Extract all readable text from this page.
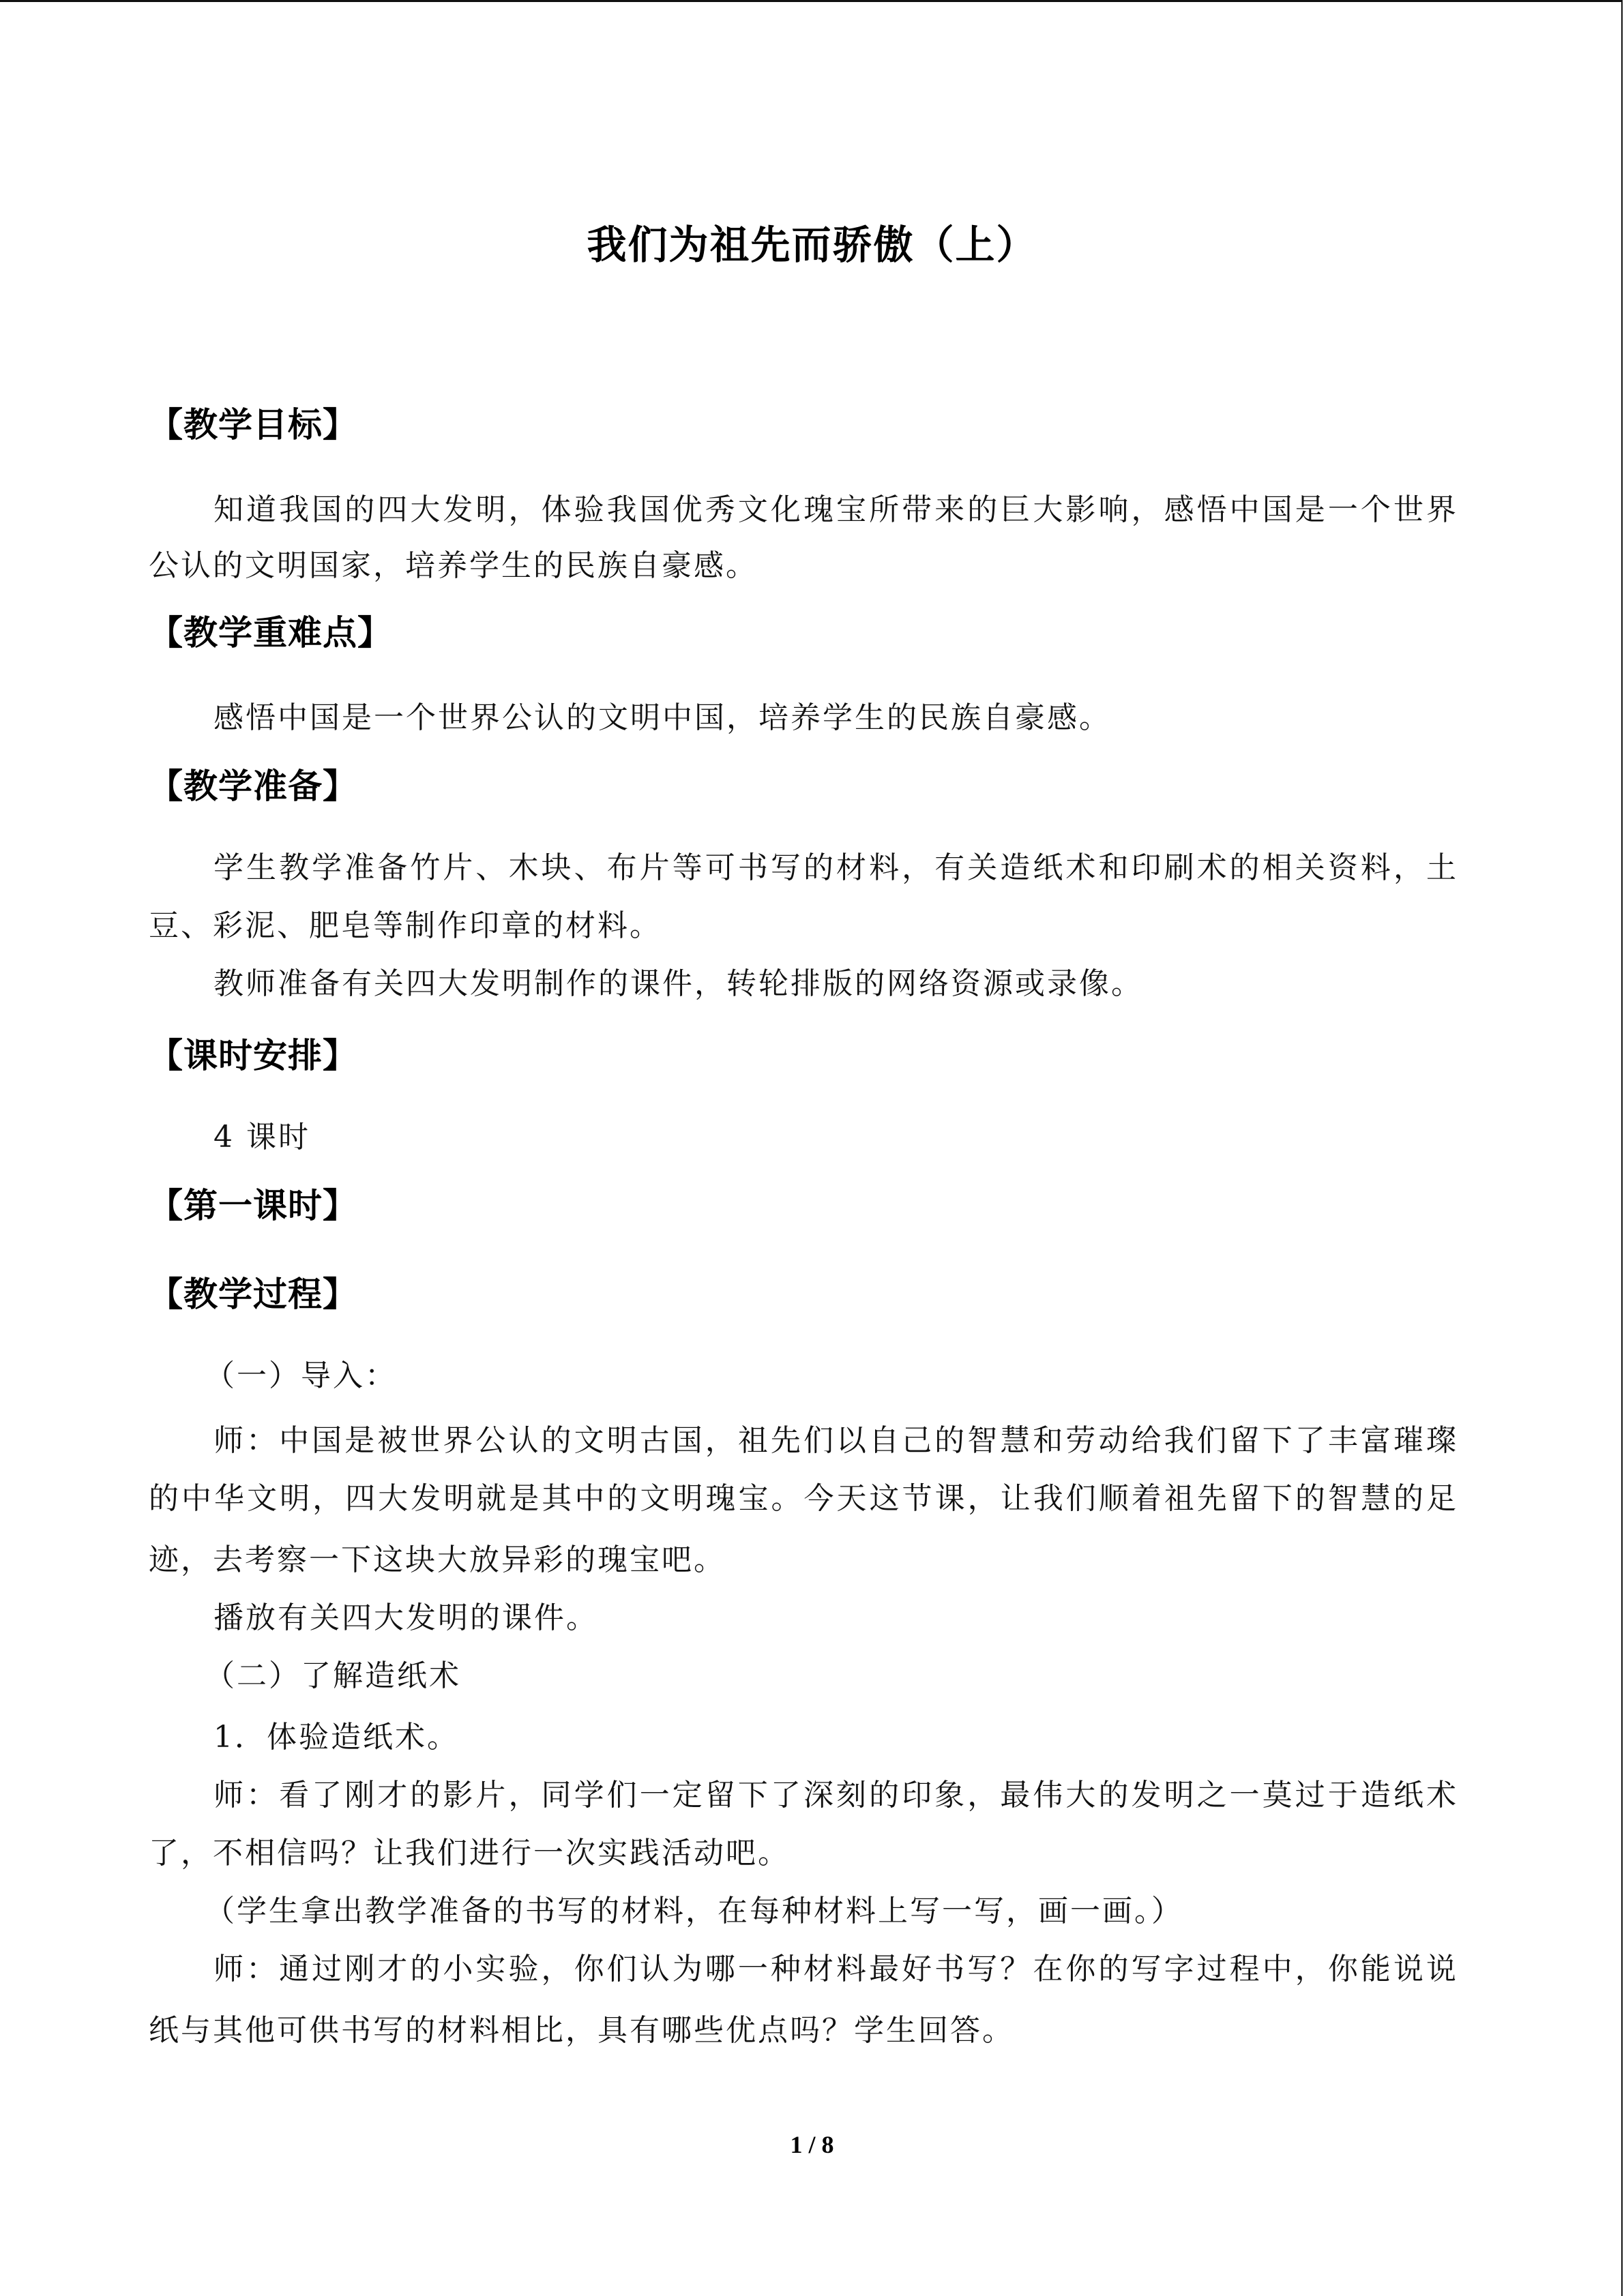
我们为祖先而骄傲（上）
【教学目标】
知道我国的四大发明，体验我国优秀文化瑰宝所带来的巨大影响，感悟中国是一个世界
公认的文明国家，培养学生的民族自豪感。
【教学重难点】
感悟中国是一个世界公认的文明中国，培养学生的民族自豪感。
【教学准备】
学生教学准备竹片、木块、布片等可书写的材料，有关造纸术和印刷术的相关资料，土
豆、彩泥、肥皂等制作印章的材料。
教师准备有关四大发明制作的课件，转轮排版的网络资源或录像。
【课时安排】
4 课时
【第一课时】
【教学过程】
（一）导入：
师：中国是被世界公认的文明古国，祖先们以自己的智慧和劳动给我们留下了丰富璀璨
的中华文明，四大发明就是其中的文明瑰宝。今天这节课，让我们顺着祖先留下的智慧的足
迹，去考察一下这块大放异彩的瑰宝吧。
播放有关四大发明的课件。
（二）了解造纸术
1．体验造纸术。
师：看了刚才的影片，同学们一定留下了深刻的印象，最伟大的发明之一莫过于造纸术
了，不相信吗？让我们进行一次实践活动吧。
（学生拿出教学准备的书写的材料，在每种材料上写一写，画一画。）
师：通过刚才的小实验，你们认为哪一种材料最好书写？在你的写字过程中，你能说说
纸与其他可供书写的材料相比，具有哪些优点吗？学生回答。
1 / 8
